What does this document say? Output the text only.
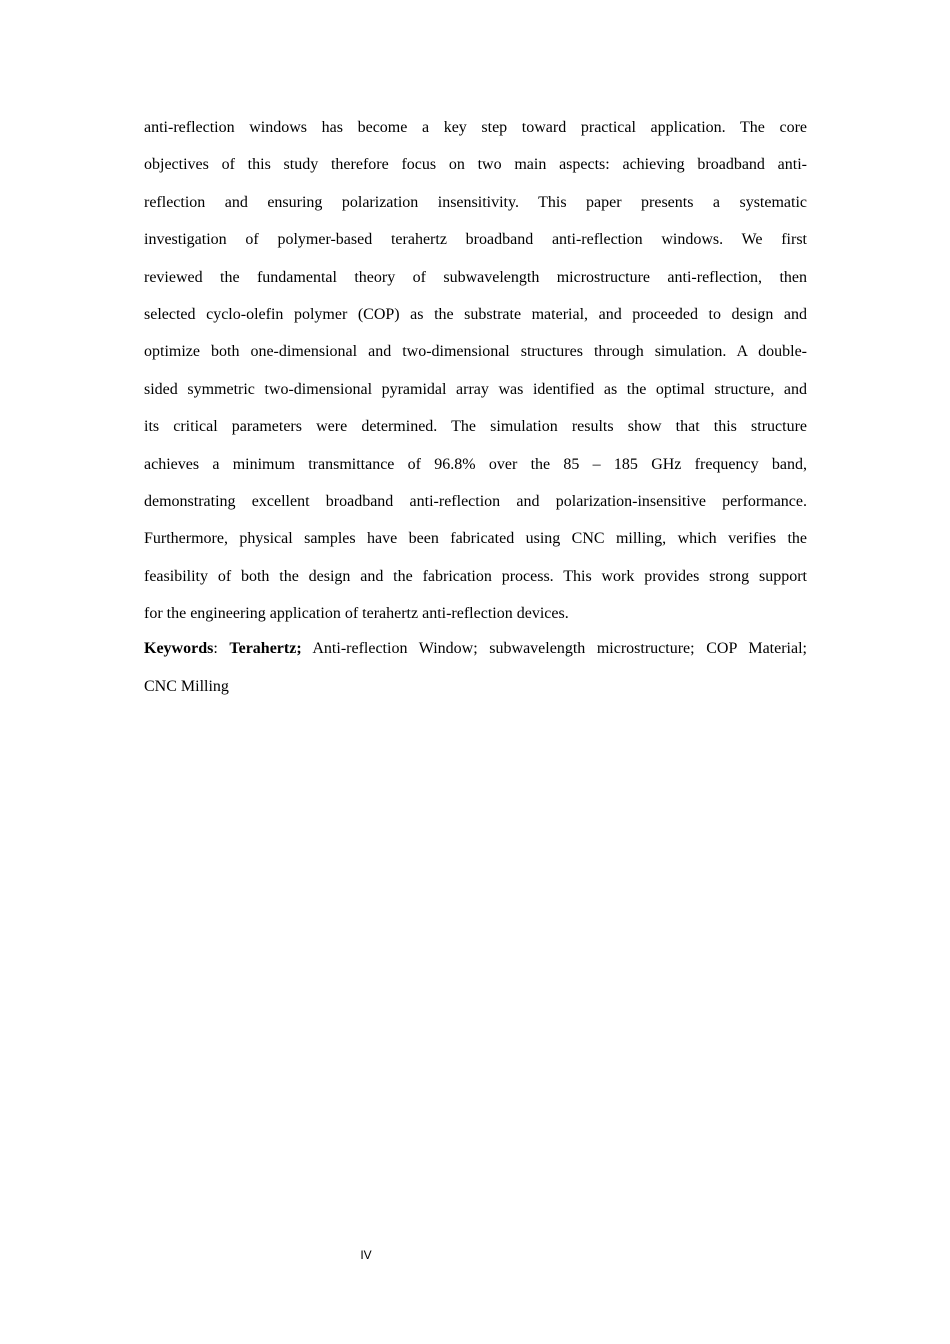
anti-reflection windows has become a key step toward practical application. The core
objectives of this study therefore focus on two main aspects: achieving broadband anti-
reflection and ensuring polarization insensitivity. This paper presents a systematic
investigation of polymer-based terahertz broadband anti-reflection windows. We first
reviewed the fundamental theory of subwavelength microstructure anti-reflection, then
selected cyclo-olefin polymer (COP) as the substrate material, and proceeded to design and
optimize both one-dimensional and two-dimensional structures through simulation. A double-
sided symmetric two-dimensional pyramidal array was identified as the optimal structure, and
its critical parameters were determined. The simulation results show that this structure
achieves a minimum transmittance of 96.8% over the 85 – 185 GHz frequency band,
demonstrating excellent broadband anti-reflection and polarization-insensitive performance.
Furthermore, physical samples have been fabricated using CNC milling, which verifies the
feasibility of both the design and the fabrication process. This work provides strong support
for the engineering application of terahertz anti-reflection devices.
Keywords: Terahertz; Anti-reflection Window; subwavelength microstructure; COP Material;
CNC Milling
IV
